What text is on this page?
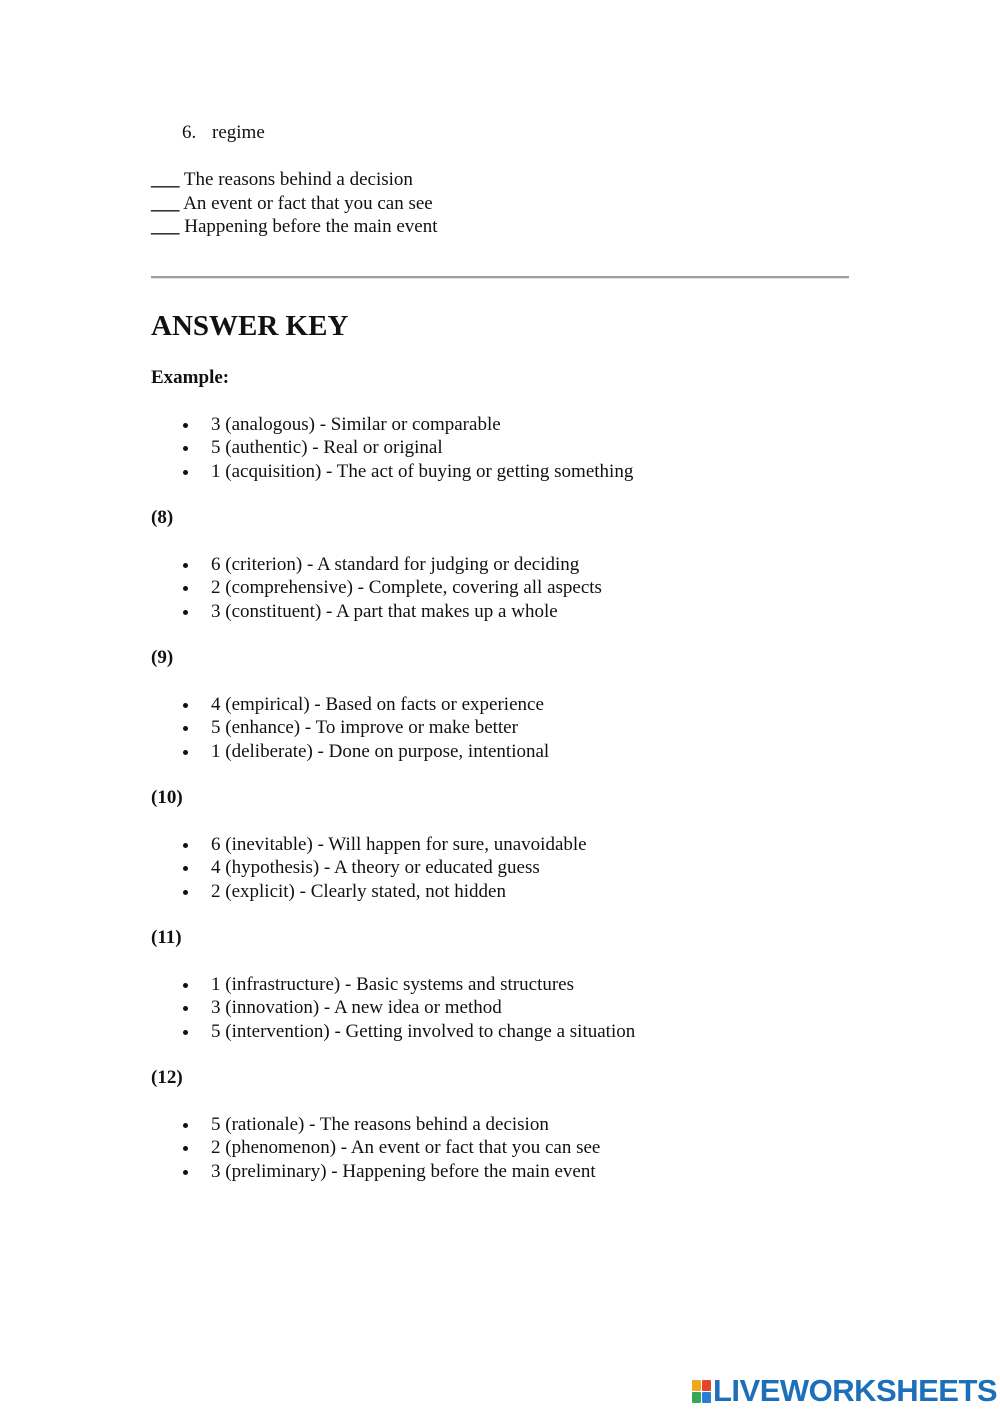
6. regime
___ The reasons behind a decision
___ An event or fact that you can see
___ Happening before the main event
ANSWER KEY
Example:
3 (analogous) - Similar or comparable
5 (authentic) - Real or original
1 (acquisition) - The act of buying or getting something
(8)
6 (criterion) - A standard for judging or deciding
2 (comprehensive) - Complete, covering all aspects
3 (constituent) - A part that makes up a whole
(9)
4 (empirical) - Based on facts or experience
5 (enhance) - To improve or make better
1 (deliberate) - Done on purpose, intentional
(10)
6 (inevitable) - Will happen for sure, unavoidable
4 (hypothesis) - A theory or educated guess
2 (explicit) - Clearly stated, not hidden
(11)
1 (infrastructure) - Basic systems and structures
3 (innovation) - A new idea or method
5 (intervention) - Getting involved to change a situation
(12)
5 (rationale) - The reasons behind a decision
2 (phenomenon) - An event or fact that you can see
3 (preliminary) - Happening before the main event
LIVEWORKSHEETS
